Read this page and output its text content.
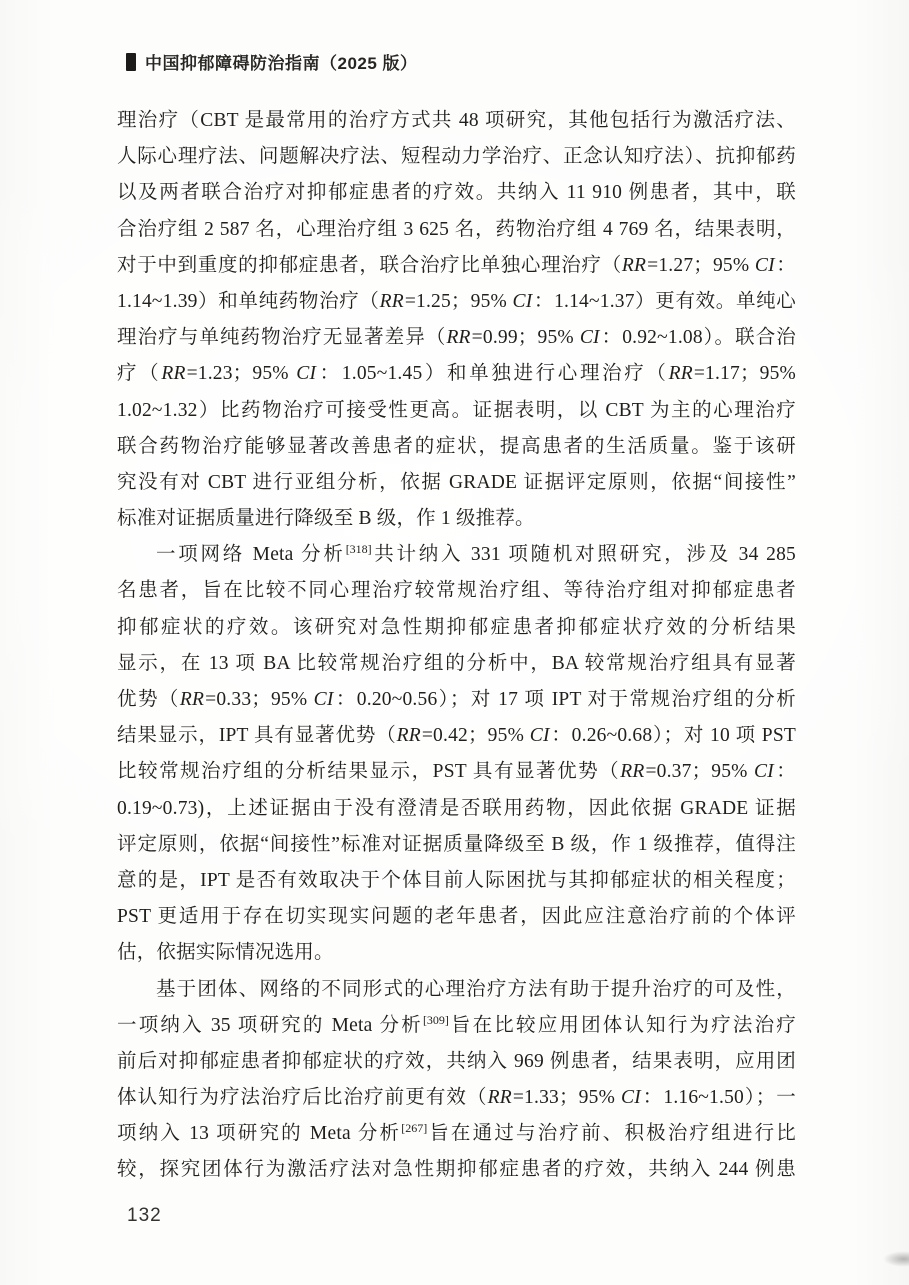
中国抑郁障碍防治指南（2025 版）
理治疗（CBT 是最常用的治疗方式共 48 项研究，其他包括行为激活疗法、
人际心理疗法、问题解决疗法、短程动力学治疗、正念认知疗法）、抗抑郁药
以及两者联合治疗对抑郁症患者的疗效。共纳入 11 910 例患者，其中，联
合治疗组 2 587 名，心理治疗组 3 625 名，药物治疗组 4 769 名，结果表明，
对于中到重度的抑郁症患者，联合治疗比单独心理治疗（RR=1.27；95% CI：
1.14~1.39）和单纯药物治疗（RR=1.25；95% CI：1.14~1.37）更有效。单纯心
理治疗与单纯药物治疗无显著差异（RR=0.99；95% CI：0.92~1.08）。联合治
疗（RR=1.23；95% CI：1.05~1.45）和单独进行心理治疗（RR=1.17；95%
1.02~1.32）比药物治疗可接受性更高。证据表明，以 CBT 为主的心理治疗
联合药物治疗能够显著改善患者的症状，提高患者的生活质量。鉴于该研
究没有对 CBT 进行亚组分析，依据 GRADE 证据评定原则，依据“间接性”
标准对证据质量进行降级至 B 级，作 1 级推荐。
一项网络 Meta 分析[318]共计纳入 331 项随机对照研究，涉及 34 285
名患者，旨在比较不同心理治疗较常规治疗组、等待治疗组对抑郁症患者
抑郁症状的疗效。该研究对急性期抑郁症患者抑郁症状疗效的分析结果
显示，在 13 项 BA 比较常规治疗组的分析中，BA 较常规治疗组具有显著
优势（RR=0.33；95% CI：0.20~0.56）；对 17 项 IPT 对于常规治疗组的分析
结果显示，IPT 具有显著优势（RR=0.42；95% CI：0.26~0.68）；对 10 项 PST
比较常规治疗组的分析结果显示，PST 具有显著优势（RR=0.37；95% CI：
0.19~0.73)，上述证据由于没有澄清是否联用药物，因此依据 GRADE 证据
评定原则，依据“间接性”标准对证据质量降级至 B 级，作 1 级推荐，值得注
意的是，IPT 是否有效取决于个体目前人际困扰与其抑郁症状的相关程度；
PST 更适用于存在切实现实问题的老年患者，因此应注意治疗前的个体评
估，依据实际情况选用。
基于团体、网络的不同形式的心理治疗方法有助于提升治疗的可及性，
一项纳入 35 项研究的 Meta 分析[309]旨在比较应用团体认知行为疗法治疗
前后对抑郁症患者抑郁症状的疗效，共纳入 969 例患者，结果表明，应用团
体认知行为疗法治疗后比治疗前更有效（RR=1.33；95% CI：1.16~1.50）；一
项纳入 13 项研究的 Meta 分析[267]旨在通过与治疗前、积极治疗组进行比
较，探究团体行为激活疗法对急性期抑郁症患者的疗效，共纳入 244 例患
132
